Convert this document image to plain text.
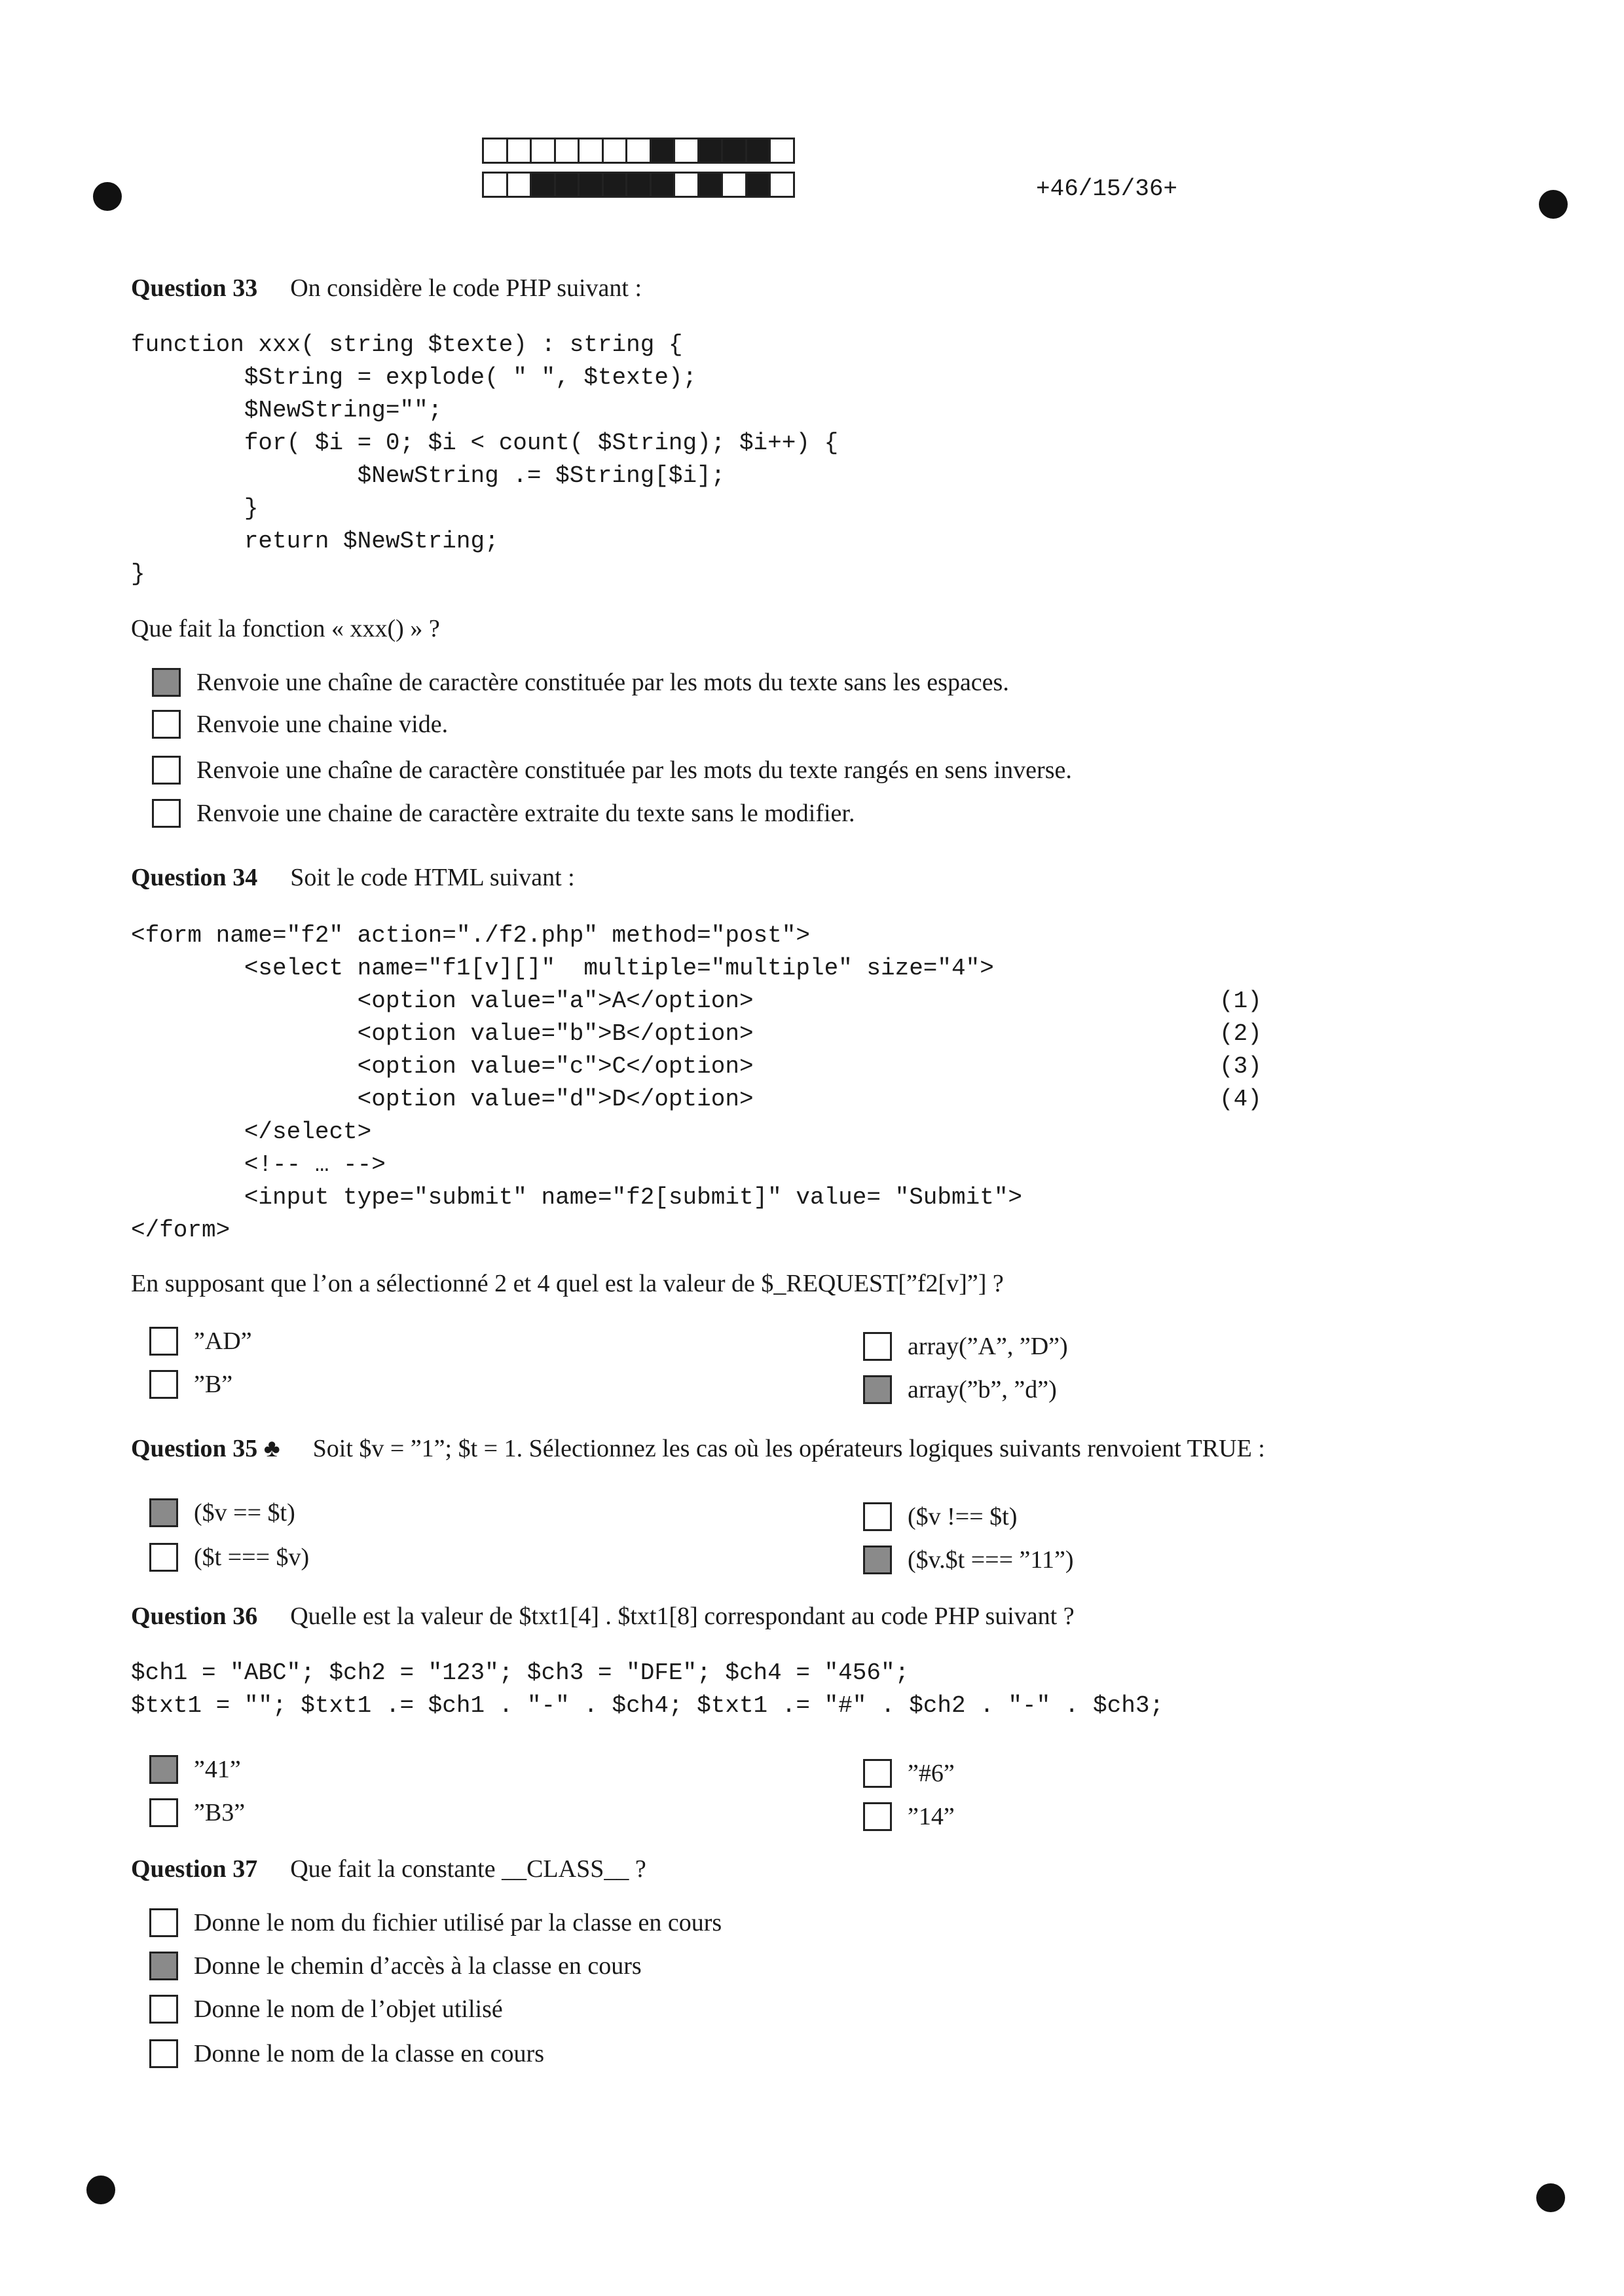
+46/15/36+
Question 33 On considère le code PHP suivant :
function xxx( string $texte) : string {
$String = explode( " ", $texte);
$NewString="";
for( $i = 0; $i < count( $String); $i++) {
$NewString .= $String[$i];
}
return $NewString;
}
Que fait la fonction « xxx() » ?
Renvoie une chaîne de caractère constituée par les mots du texte sans les espaces.
Renvoie une chaine vide.
Renvoie une chaîne de caractère constituée par les mots du texte rangés en sens inverse.
Renvoie une chaine de caractère extraite du texte sans le modifier.
Question 34 Soit le code HTML suivant :
<form name="f2" action="./f2.php" method="post">
<select name="f1[v][]"  multiple="multiple" size="4">
<option value="a">A</option>
<option value="b">B</option>
<option value="c">C</option>
<option value="d">D</option>
</select>
<!-- … -->
<input type="submit" name="f2[submit]" value= "Submit">
</form>
(1)
(2)
(3)
(4)
En supposant que l’on a sélectionné 2 et 4 quel est la valeur de $_REQUEST[”f2[v]”] ?
”AD”	array(”A”, ”D”)
”B”	array(”b”, ”d”)
Question 35 ♣ Soit $v = ”1”; $t = 1. Sélectionnez les cas où les opérateurs logiques suivants renvoient TRUE :
($v == $t)	($v !== $t)
($t === $v)	($v.$t === ”11”)
Question 36 Quelle est la valeur de $txt1[4] . $txt1[8] correspondant au code PHP suivant ?
$ch1 = "ABC"; $ch2 = "123"; $ch3 = "DFE"; $ch4 = "456";
$txt1 = ""; $txt1 .= $ch1 . "-" . $ch4; $txt1 .= "#" . $ch2 . "-" . $ch3;
”41”	”#6”
”B3”	”14”
Question 37 Que fait la constante __CLASS__ ?
Donne le nom du fichier utilisé par la classe en cours
Donne le chemin d’accès à la classe en cours
Donne le nom de l’objet utilisé
Donne le nom de la classe en cours
